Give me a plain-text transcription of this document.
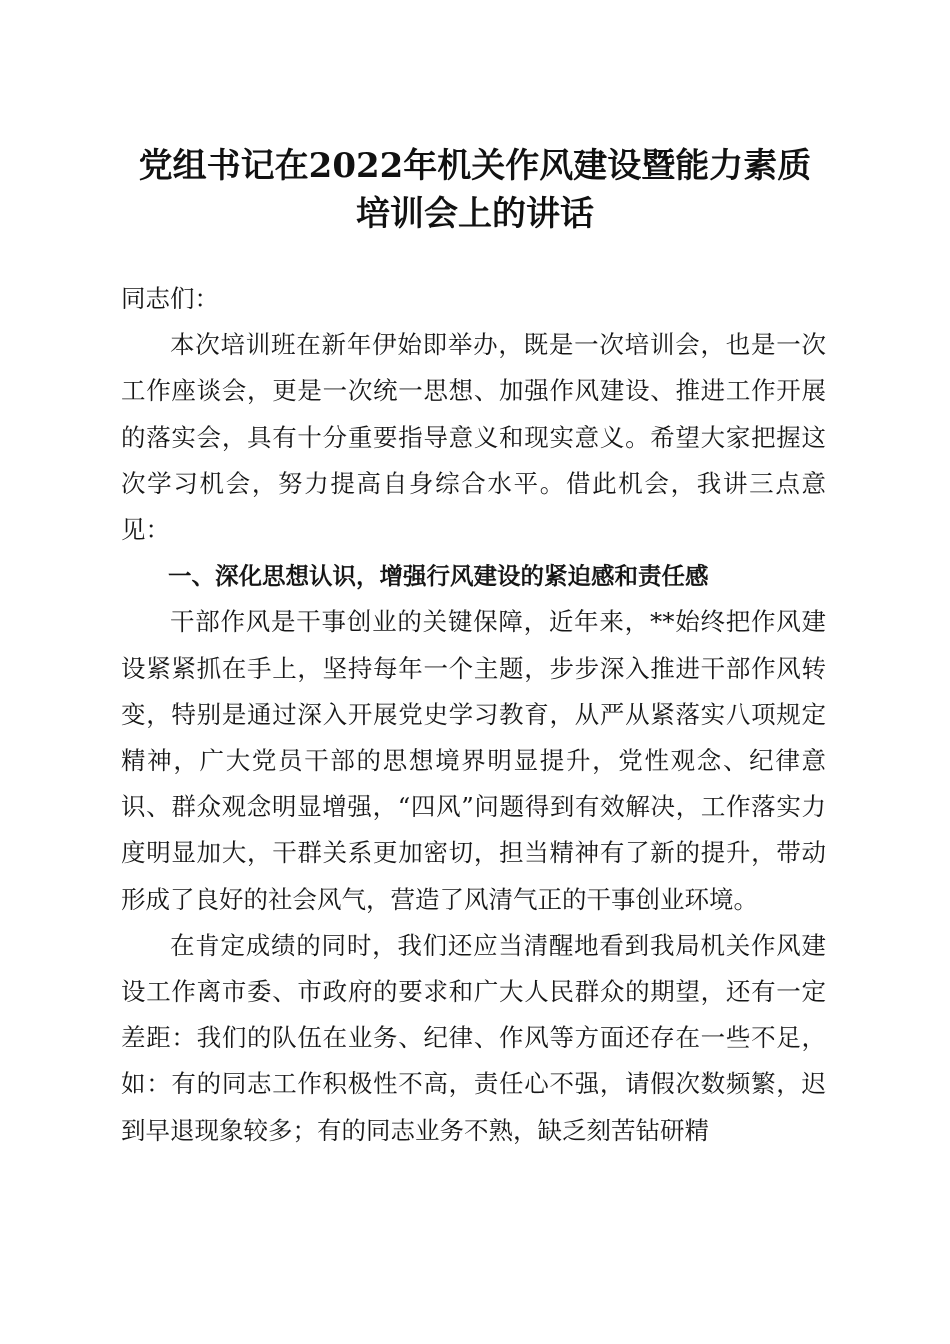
党组书记在2022年机关作风建设暨能力素质
培训会上的讲话

同志们：

本次培训班在新年伊始即举办，既是一次培训会，也是一次工作座谈会，更是一次统一思想、加强作风建设、推进工作开展的落实会，具有十分重要指导意义和现实意义。希望大家把握这次学习机会，努力提高自身综合水平。借此机会，我讲三点意见：

一、深化思想认识，增强行风建设的紧迫感和责任感

干部作风是干事创业的关键保障，近年来，**始终把作风建设紧紧抓在手上，坚持每年一个主题，步步深入推进干部作风转变，特别是通过深入开展党史学习教育，从严从紧落实八项规定精神，广大党员干部的思想境界明显提升，党性观念、纪律意识、群众观念明显增强，“四风”问题得到有效解决，工作落实力度明显加大，干群关系更加密切，担当精神有了新的提升，带动形成了良好的社会风气，营造了风清气正的干事创业环境。

在肯定成绩的同时，我们还应当清醒地看到我局机关作风建设工作离市委、市政府的要求和广大人民群众的期望，还有一定差距：我们的队伍在业务、纪律、作风等方面还存在一些不足，如：有的同志工作积极性不高，责任心不强，请假次数频繁，迟到早退现象较多；有的同志业务不熟，缺乏刻苦钻研精
